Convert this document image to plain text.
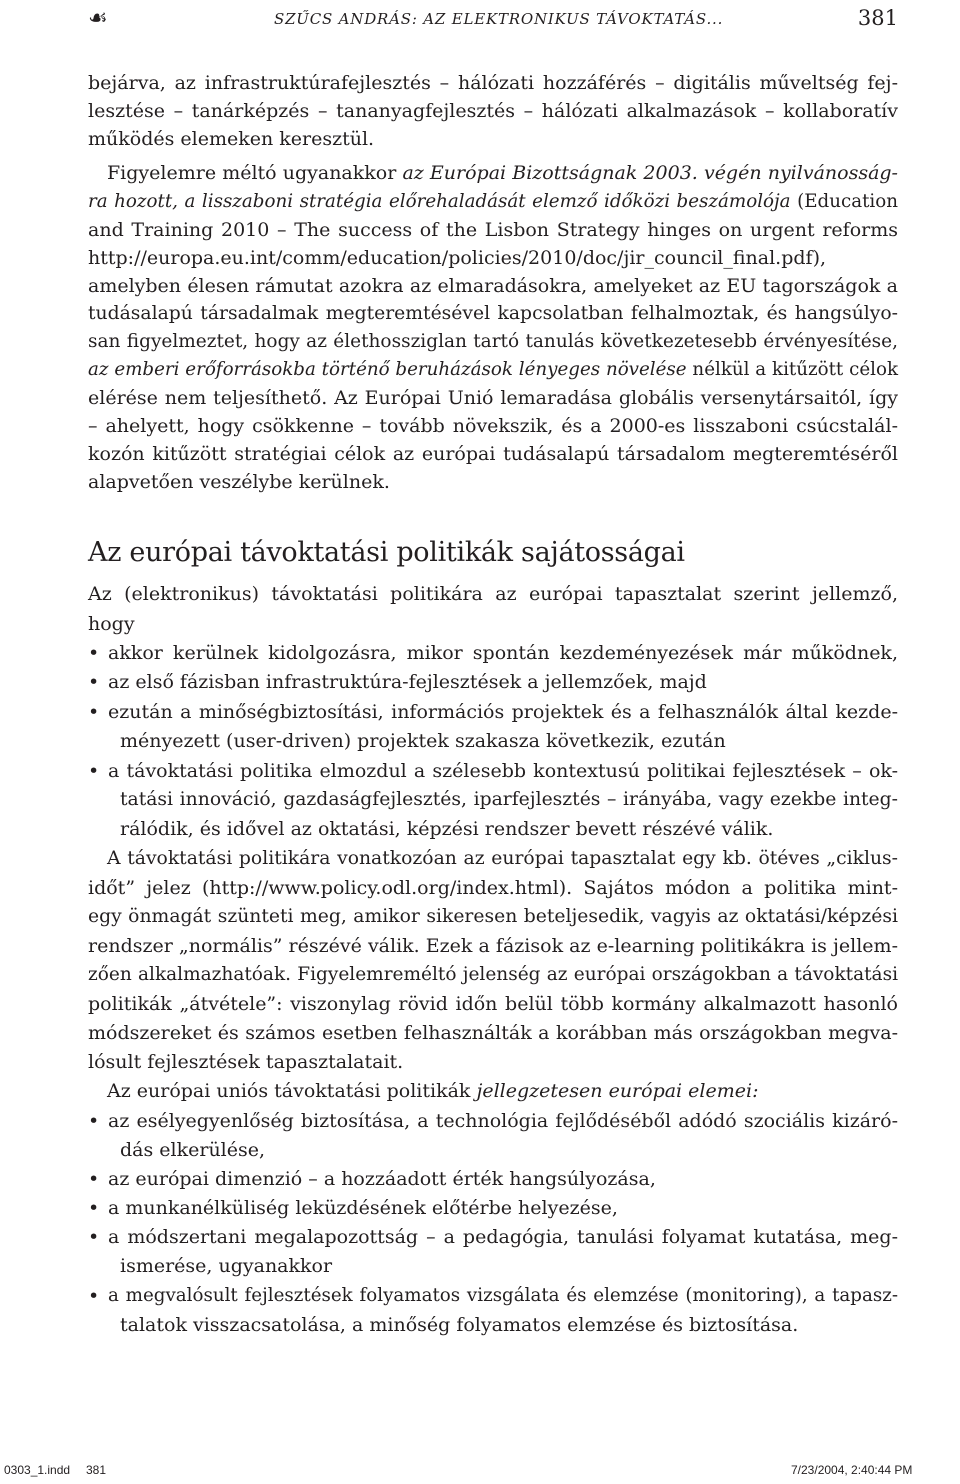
☙	SZŰCS ANDRÁS: AZ ELEKTRONIKUS TÁVOKTATÁS...	381
bejárva, az infrastruktúrafejlesztés – hálózati hozzáférés – digitális műveltség fej-
lesztése – tanárképzés – tananyagfejlesztés – hálózati alkalmazások – kollaboratív
működés elemeken keresztül.
Figyelemre méltó ugyanakkor az Európai Bizottságnak 2003. végén nyilvánosság-
ra hozott, a lisszaboni stratégia előrehaladását elemző időközi beszámolója (Education
and Training 2010 – The success of the Lisbon Strategy hinges on urgent reforms
http://europa.eu.int/comm/education/policies/2010/doc/jir_council_final.pdf),
amelyben élesen rámutat azokra az elmaradásokra, amelyeket az EU tagországok a
tudásalapú társadalmak megteremtésével kapcsolatban felhalmoztak, és hangsúlyo-
san figyelmeztet, hogy az élethossziglan tartó tanulás következetesebb érvényesítése,
az emberi erőforrásokba történő beruházások lényeges növelése nélkül a kitűzött célok
elérése nem teljesíthető. Az Európai Unió lemaradása globális versenytársaitól, így
– ahelyett, hogy csökkenne – tovább növekszik, és a 2000-es lisszaboni csúcstalál-
kozón kitűzött stratégiai célok az európai tudásalapú társadalom megteremtéséről
alapvetően veszélybe kerülnek.
Az európai távoktatási politikák sajátosságai
Az (elektronikus) távoktatási politikára az európai tapasztalat szerint jellemző,
hogy
• akkor kerülnek kidolgozásra, mikor spontán kezdeményezések már működnek,
• az első fázisban infrastruktúra-fejlesztések a jellemzőek, majd
• ezután a minőségbiztosítási, információs projektek és a felhasználók által kezde-
ményezett (user-driven) projektek szakasza következik, ezután
• a távoktatási politika elmozdul a szélesebb kontextusú politikai fejlesztések – ok-
tatási innováció, gazdaságfejlesztés, iparfejlesztés – irányába, vagy ezekbe integ-
rálódik, és idővel az oktatási, képzési rendszer bevett részévé válik.
A távoktatási politikára vonatkozóan az európai tapasztalat egy kb. ötéves „ciklus-
időt” jelez (http://www.policy.odl.org/index.html). Sajátos módon a politika mint-
egy önmagát szünteti meg, amikor sikeresen beteljesedik, vagyis az oktatási/képzési
rendszer „normális” részévé válik. Ezek a fázisok az e-learning politikákra is jellem-
zően alkalmazhatóak. Figyelemreméltó jelenség az európai országokban a távoktatási
politikák „átvétele”: viszonylag rövid időn belül több kormány alkalmazott hasonló
módszereket és számos esetben felhasználták a korábban más országokban megva-
lósult fejlesztések tapasztalatait.
Az európai uniós távoktatási politikák jellegzetesen európai elemei:
• az esélyegyenlőség biztosítása, a technológia fejlődéséből adódó szociális kizáró-
dás elkerülése,
• az európai dimenzió – a hozzáadott érték hangsúlyozása,
• a munkanélküliség leküzdésének előtérbe helyezése,
• a módszertani megalapozottság – a pedagógia, tanulási folyamat kutatása, meg-
ismerése, ugyanakkor
• a megvalósult fejlesztések folyamatos vizsgálata és elemzése (monitoring), a tapasz-
talatok visszacsatolása, a minőség folyamatos elemzése és biztosítása.
0303_1.indd 381	7/23/2004, 2:40:44 PM
